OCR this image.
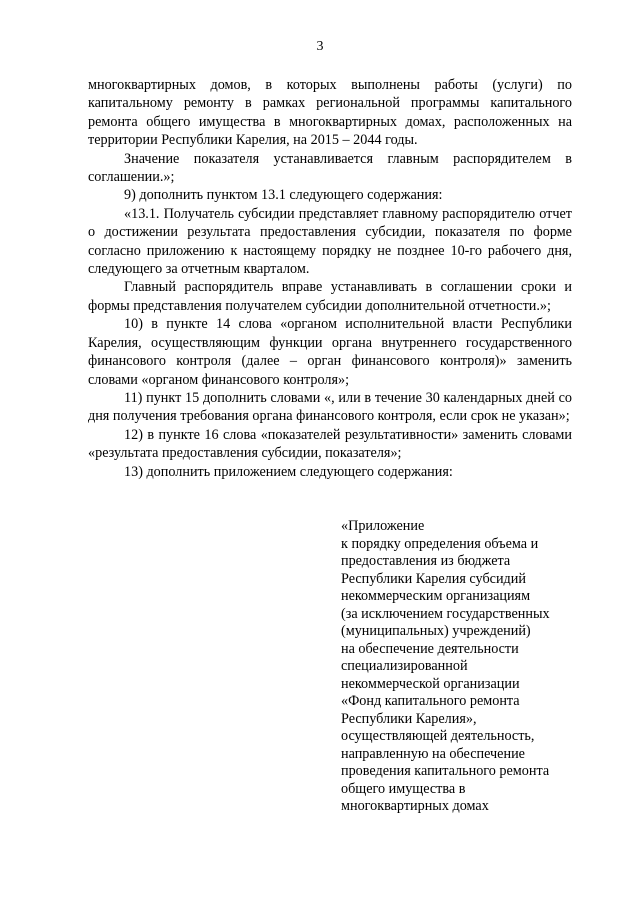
3

многоквартирных домов, в которых выполнены работы (услуги) по капитальному ремонту в рамках региональной программы капитального ремонта общего имущества в многоквартирных домах, расположенных на территории Республики Карелия, на 2015 – 2044 годы.

Значение показателя устанавливается главным распорядителем в соглашении.»;

9) дополнить пунктом 13.1 следующего содержания:

«13.1. Получатель субсидии представляет главному распорядителю отчет о достижении результата предоставления субсидии, показателя по форме согласно приложению к настоящему порядку не позднее 10-го рабочего дня, следующего за отчетным кварталом.

Главный распорядитель вправе устанавливать в соглашении сроки и формы представления получателем субсидии дополнительной отчетности.»;

10) в пункте 14 слова «органом исполнительной власти Республики Карелия, осуществляющим функции органа внутреннего государственного финансового контроля (далее – орган финансового контроля)» заменить словами «органом финансового контроля»;

11) пункт 15 дополнить словами «, или в течение 30 календарных дней со дня получения требования органа финансового контроля, если срок не указан»;

12) в пункте 16 слова «показателей результативности» заменить словами «результата предоставления субсидии, показателя»;

13) дополнить приложением следующего содержания:

«Приложение
к порядку определения объема и
предоставления из бюджета
Республики Карелия субсидий
некоммерческим организациям
(за исключением государственных
(муниципальных) учреждений)
на обеспечение деятельности
специализированной
некоммерческой организации
«Фонд капитального ремонта
Республики Карелия»,
осуществляющей деятельность,
направленную на обеспечение
проведения капитального ремонта
общего имущества в
многоквартирных домах
